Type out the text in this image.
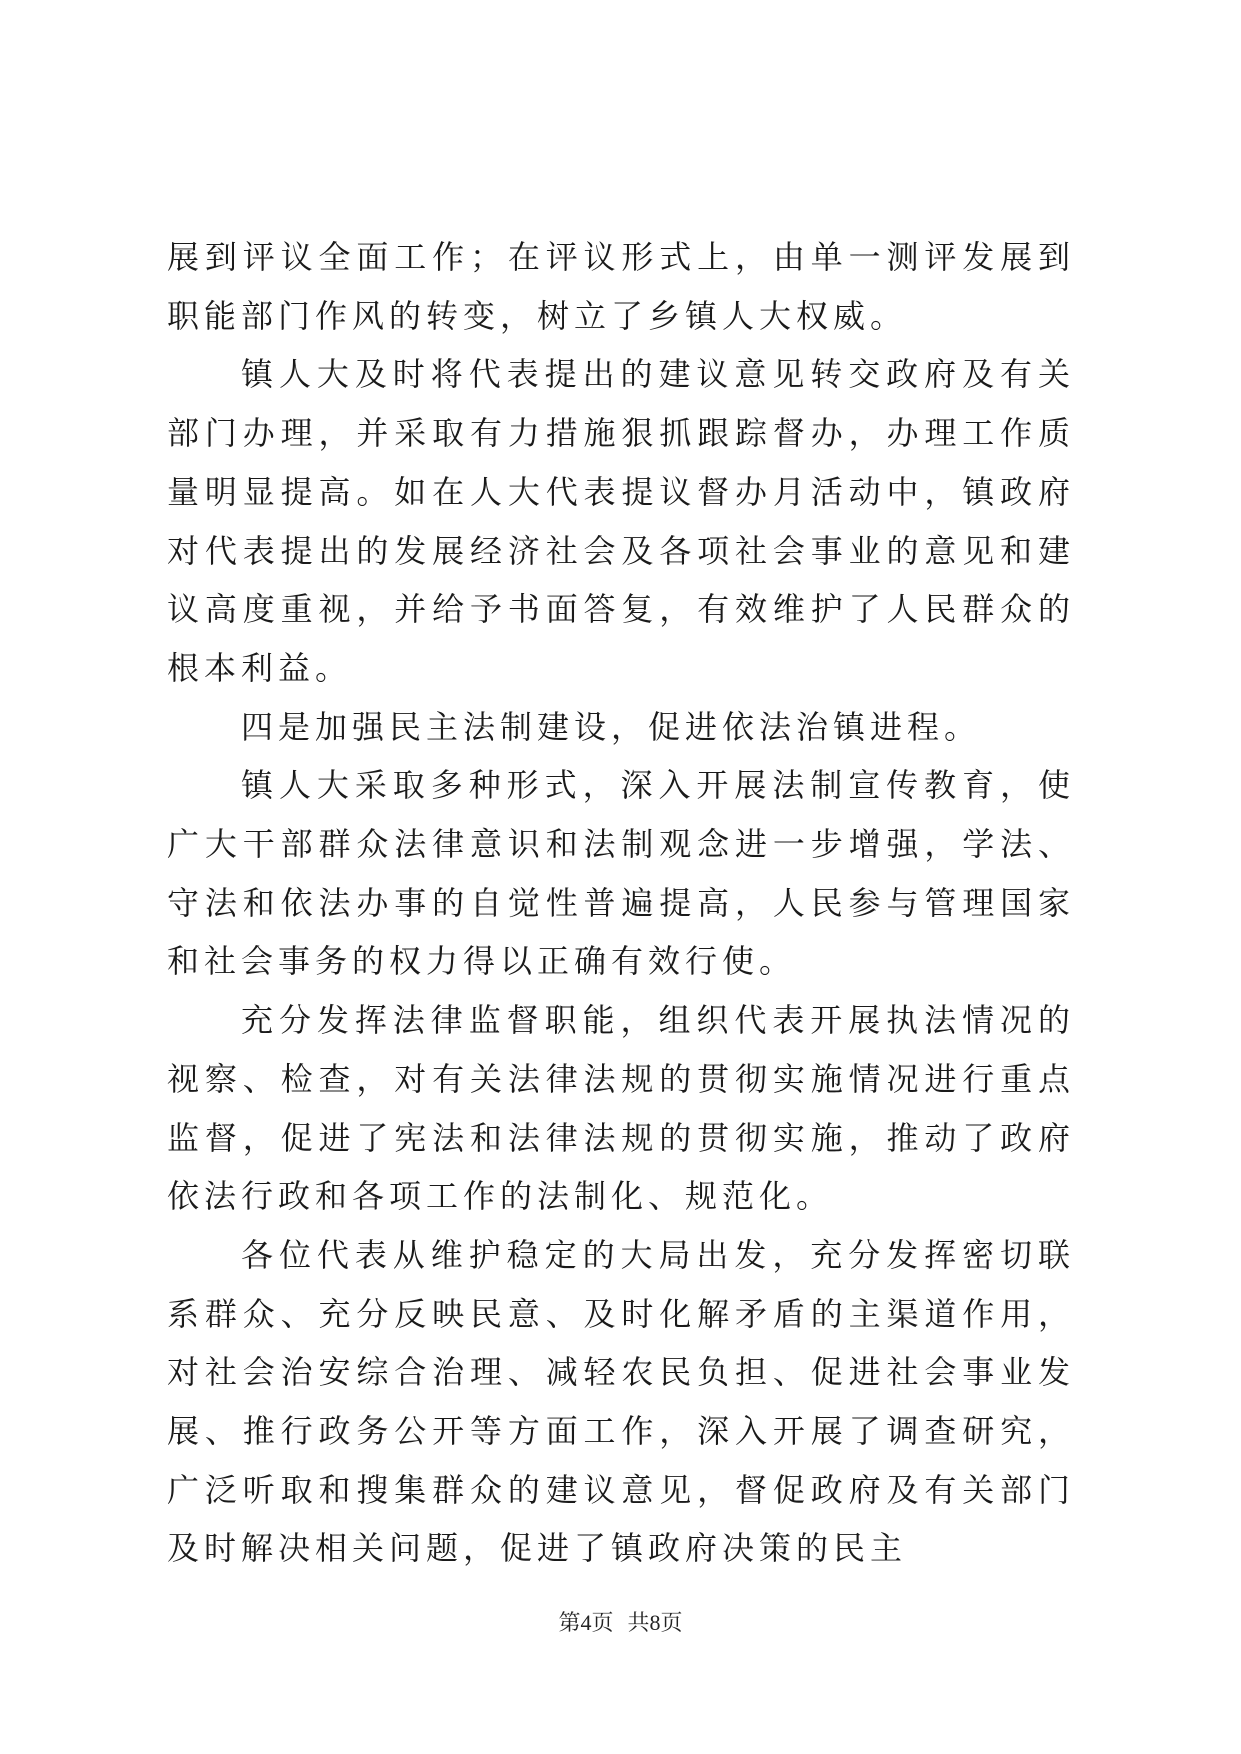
展到评议全面工作；在评议形式上，由单一测评发展到职能部门作风的转变，树立了乡镇人大权威。

镇人大及时将代表提出的建议意见转交政府及有关部门办理，并采取有力措施狠抓跟踪督办，办理工作质量明显提高。如在人大代表提议督办月活动中，镇政府对代表提出的发展经济社会及各项社会事业的意见和建议高度重视，并给予书面答复，有效维护了人民群众的根本利益。

四是加强民主法制建设，促进依法治镇进程。

镇人大采取多种形式，深入开展法制宣传教育，使广大干部群众法律意识和法制观念进一步增强，学法、守法和依法办事的自觉性普遍提高，人民参与管理国家和社会事务的权力得以正确有效行使。

充分发挥法律监督职能，组织代表开展执法情况的视察、检查，对有关法律法规的贯彻实施情况进行重点监督，促进了宪法和法律法规的贯彻实施，推动了政府依法行政和各项工作的法制化、规范化。

各位代表从维护稳定的大局出发，充分发挥密切联系群众、充分反映民意、及时化解矛盾的主渠道作用，对社会治安综合治理、减轻农民负担、促进社会事业发展、推行政务公开等方面工作，深入开展了调查研究，广泛听取和搜集群众的建议意见，督促政府及有关部门及时解决相关问题，促进了镇政府决策的民主

第4页 共8页
